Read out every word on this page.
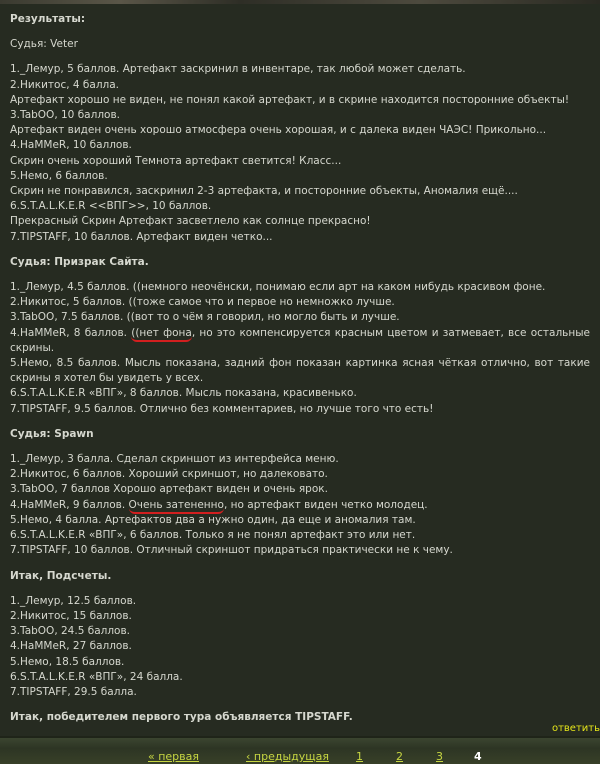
Результаты:
Судья: Veter
1._Лемур, 5 баллов. Артефакт заскринил в инвентаре, так любой может сделать.
2.Никитос, 4 балла.
Артефакт хорошо не виден, не понял какой артефакт, и в скрине находится посторонние объекты!
3.TabOO, 10 баллов.
Артефакт виден очень хорошо атмосфера очень хорошая, и с далека виден ЧАЭС! Прикольно...
4.HaMMeR, 10 баллов.
Скрин очень хороший Темнота артефакт светится! Класс...
5.Немо, 6 баллов.
Скрин не понравился, заскринил 2-3 артефакта, и посторонние объекты, Аномалия ещё....
6.S.T.A.L.K.E.R <<ВПГ>>, 10 баллов.
Прекрасный Скрин Артефакт засветлело как солнце прекрасно!
7.TIPSTAFF, 10 баллов. Артефакт виден четко...
Судья: Призрак Сайта.
1._Лемур, 4.5 баллов. ((немного неочёнски, понимаю если арт на каком нибудь красивом фоне.
2.Никитос, 5 баллов. ((тоже самое что и первое но немножко лучше.
3.TabOO, 7.5 баллов. ((вот то о чём я говорил, но могло быть и лучше.
4.HaMMeR, 8 баллов. ((нет фона, но это компенсируется красным цветом и затмевает, все остальные скрины.
5.Немо, 8.5 баллов. Мысль показана, задний фон показан картинка ясная чёткая отлично, вот такие скрины я хотел бы увидеть у всех.
6.S.T.A.L.K.E.R «ВПГ», 8 баллов. Мысль показана, красивенько.
7.TIPSTAFF, 9.5 баллов. Отлично без комментариев, но лучше того что есть!
Судья: Spawn
1._Лемур, 3 балла. Сделал скриншот из интерфейса меню.
2.Никитос, 6 баллов. Хороший скриншот, но далековато.
3.TabOO, 7 баллов Хорошо артефакт виден и очень ярок.
4.HaMMeR, 9 баллов. Очень затененно, но артефакт виден четко молодец.
5.Немо, 4 балла. Артефактов два а нужно один, да еще и аномалия там.
6.S.T.A.L.K.E.R «ВПГ», 6 баллов. Только я не понял артефакт это или нет.
7.TIPSTAFF, 10 баллов. Отличный скриншот придраться практически не к чему.
Итак, Подсчеты.
1._Лемур, 12.5 баллов.
2.Никитос, 15 баллов.
3.TabOO, 24.5 баллов.
4.HaMMeR, 27 баллов.
5.Немо, 18.5 баллов.
6.S.T.A.L.K.E.R «ВПГ», 24 балла.
7.TIPSTAFF, 29.5 балла.
Итак, победителем первого тура объявляется TIPSTAFF.
ответить
« первая	‹ предыдущая 1	2	3	4
